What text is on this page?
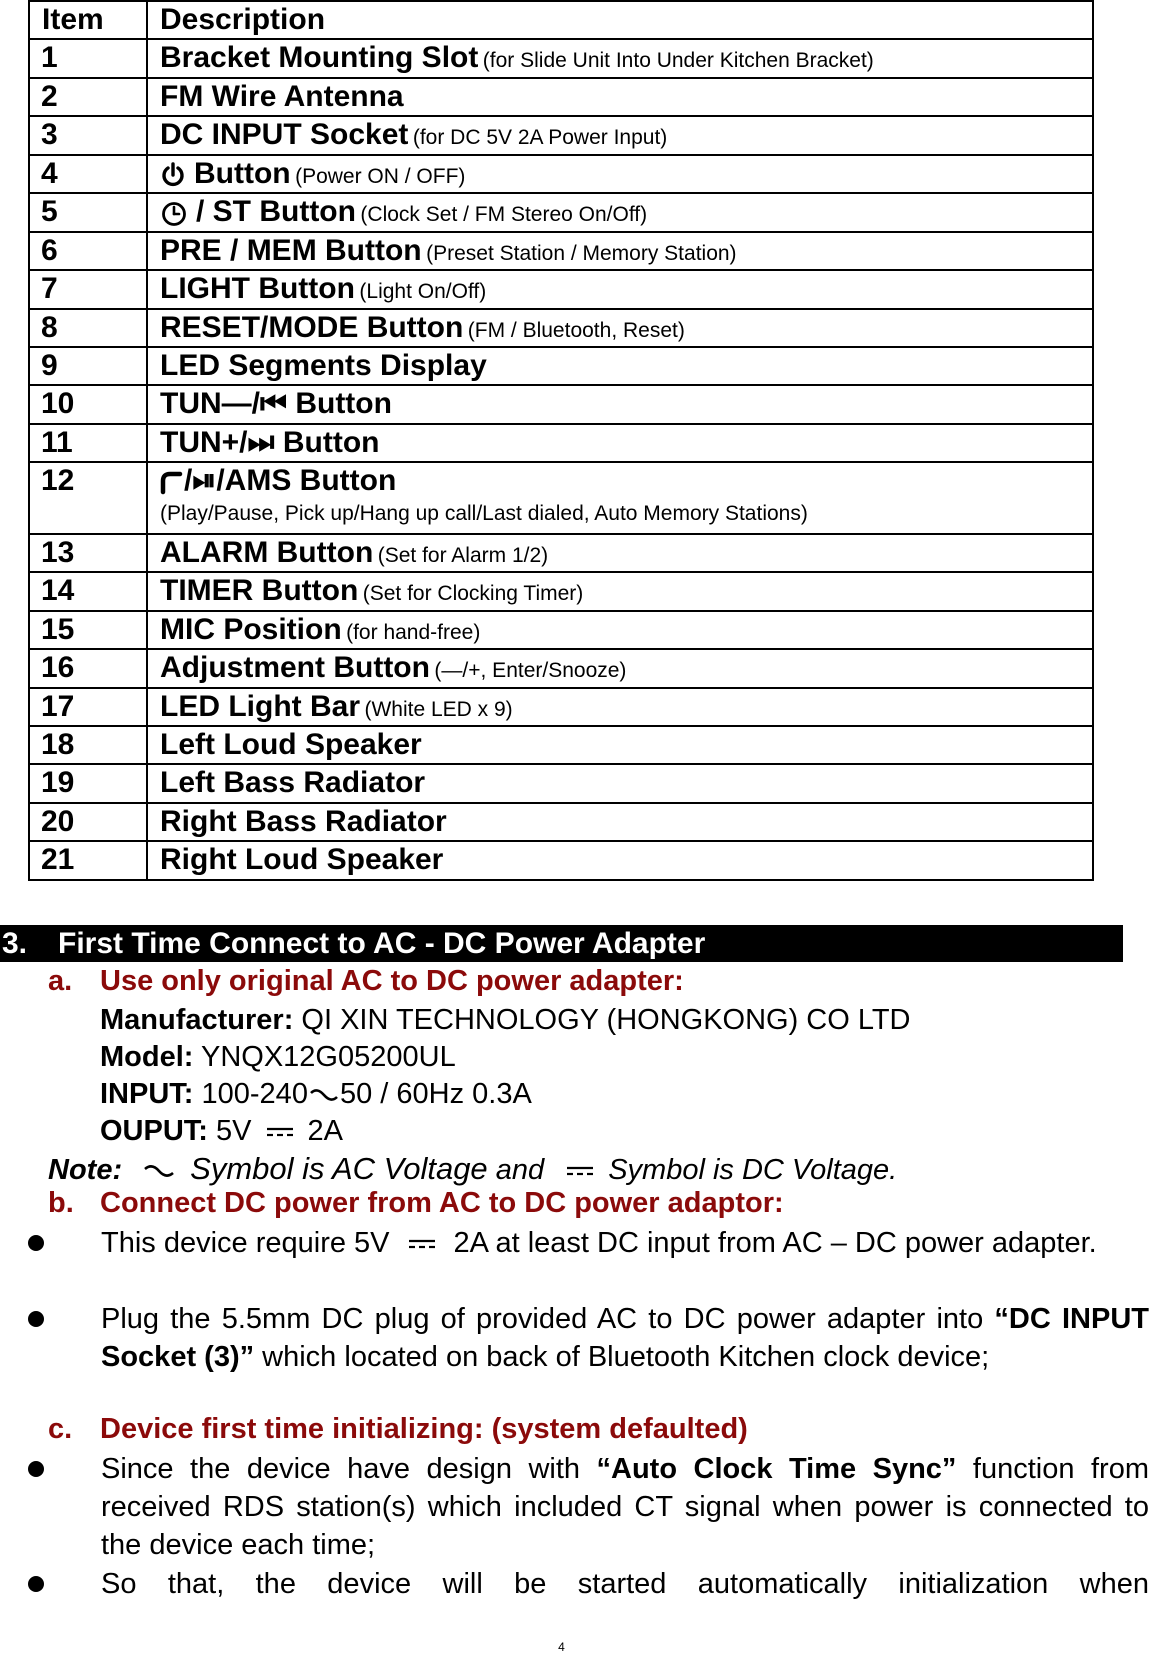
Item	Description
1	Bracket Mounting Slot (for Slide Unit Into Under Kitchen Bracket)
2	FM Wire Antenna
3	DC INPUT Socket (for DC 5V 2A Power Input)
4	Button (Power ON / OFF)
5	/ ST Button (Clock Set / FM Stereo On/Off)
6	PRE / MEM Button (Preset Station / Memory Station)
7	LIGHT Button (Light On/Off)
8	RESET/MODE Button (FM / Bluetooth, Reset)
9	LED Segments Display
10	TUN—/⏮ Button
11	TUN+/⏭ Button
12	/⏯/AMS Button
(Play/Pause, Pick up/Hang up call/Last dialed, Auto Memory Stations)

13	ALARM Button (Set for Alarm 1/2)
14	TIMER Button (Set for Clocking Timer)
15	MIC Position (for hand-free)
16	Adjustment Button (—/+, Enter/Snooze)
17	LED Light Bar (White LED x 9)
18	Left Loud Speaker
19	Left Bass Radiator
20	Right Bass Radiator
21	Right Loud Speaker
3. First Time Connect to AC - DC Power Adapter
a. Use only original AC to DC power adapter:
Manufacturer: QI XIN TECHNOLOGY (HONGKONG) CO LTD
Model: YNQX12G05200UL
INPUT: 100-240 50 / 60Hz 0.3A
OUPUT: 5V 2A
Note: Symbol is AC Voltage and Symbol is DC Voltage.
b. Connect DC power from AC to DC power adaptor:
This device require 5V 2A at least DC input from AC – DC power adapter.
Plug the 5.5mm DC plug of provided AC to DC power adapter into “DC INPUT Socket (3)” which located on back of Bluetooth Kitchen clock device;
c. Device first time initializing: (system defaulted)
Since the device have design with “Auto Clock Time Sync” function from received RDS station(s) which included CT signal when power is connected to the device each time;
So that, the device will be started automatically initialization when
4
